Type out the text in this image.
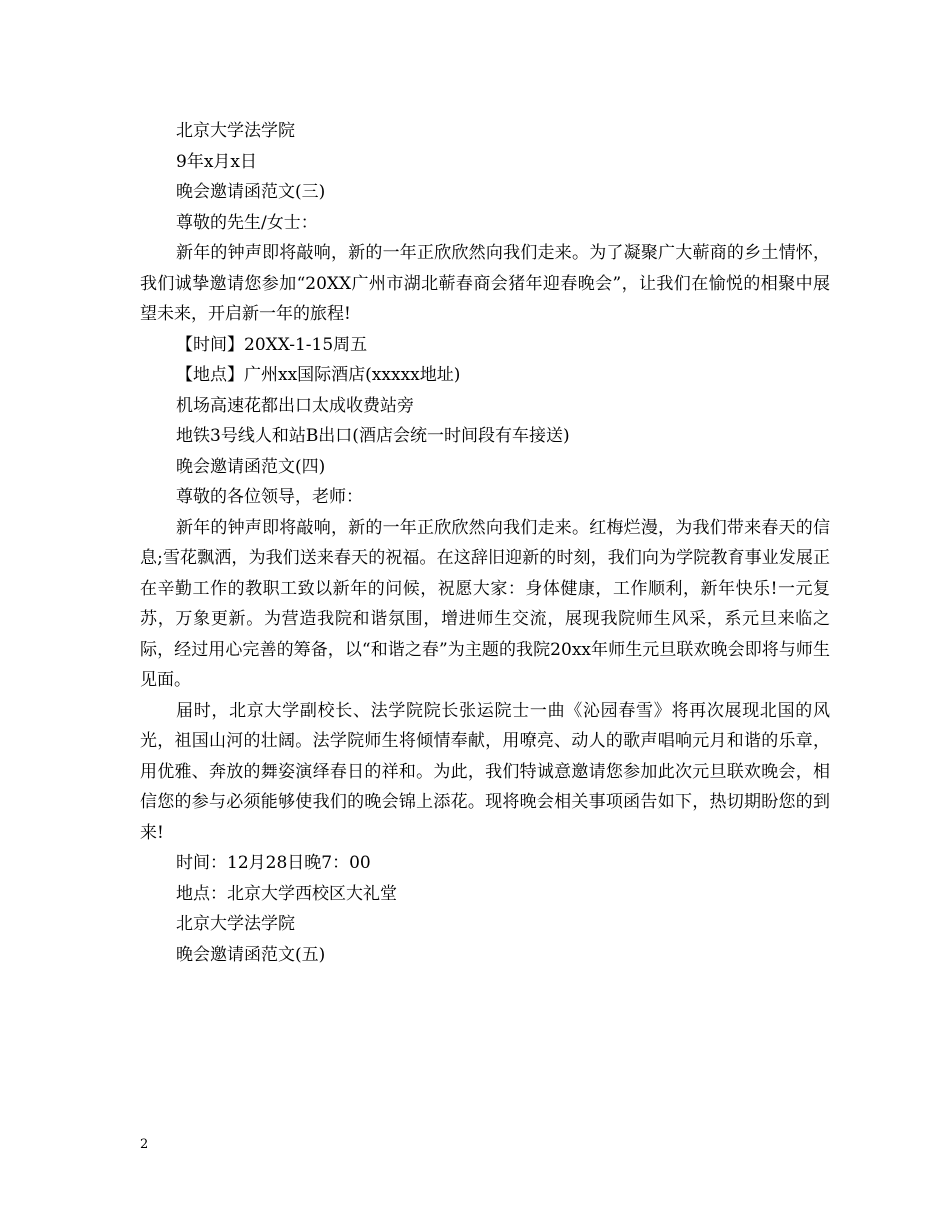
北京大学法学院

9年x月x日

晚会邀请函范文(三)

尊敬的先生/女士：

新年的钟声即将敲响，新的一年正欣欣然向我们走来。为了凝聚广大蕲商的乡土情怀，我们诚挚邀请您参加“20XX广州市湖北蕲春商会猪年迎春晚会”，让我们在愉悦的相聚中展望未来，开启新一年的旅程!

【时间】20XX-1-15周五

【地点】广州xx国际酒店(xxxxx地址)

机场高速花都出口太成收费站旁

地铁3号线人和站B出口(酒店会统一时间段有车接送)

晚会邀请函范文(四)

尊敬的各位领导，老师：

新年的钟声即将敲响，新的一年正欣欣然向我们走来。红梅烂漫，为我们带来春天的信息;雪花飘洒，为我们送来春天的祝福。在这辞旧迎新的时刻，我们向为学院教育事业发展正在辛勤工作的教职工致以新年的问候，祝愿大家：身体健康，工作顺利，新年快乐!一元复苏，万象更新。为营造我院和谐氛围，增进师生交流，展现我院师生风采，系元旦来临之际，经过用心完善的筹备，以“和谐之春”为主题的我院20xx年师生元旦联欢晚会即将与师生见面。

届时，北京大学副校长、法学院院长张运院士一曲《沁园春雪》将再次展现北国的风光，祖国山河的壮阔。法学院师生将倾情奉献，用嘹亮、动人的歌声唱响元月和谐的乐章，用优雅、奔放的舞姿演绎春日的祥和。为此，我们特诚意邀请您参加此次元旦联欢晚会，相信您的参与必须能够使我们的晚会锦上添花。现将晚会相关事项函告如下，热切期盼您的到来!

时间：12月28日晚7：00

地点：北京大学西校区大礼堂

北京大学法学院

晚会邀请函范文(五)

2
